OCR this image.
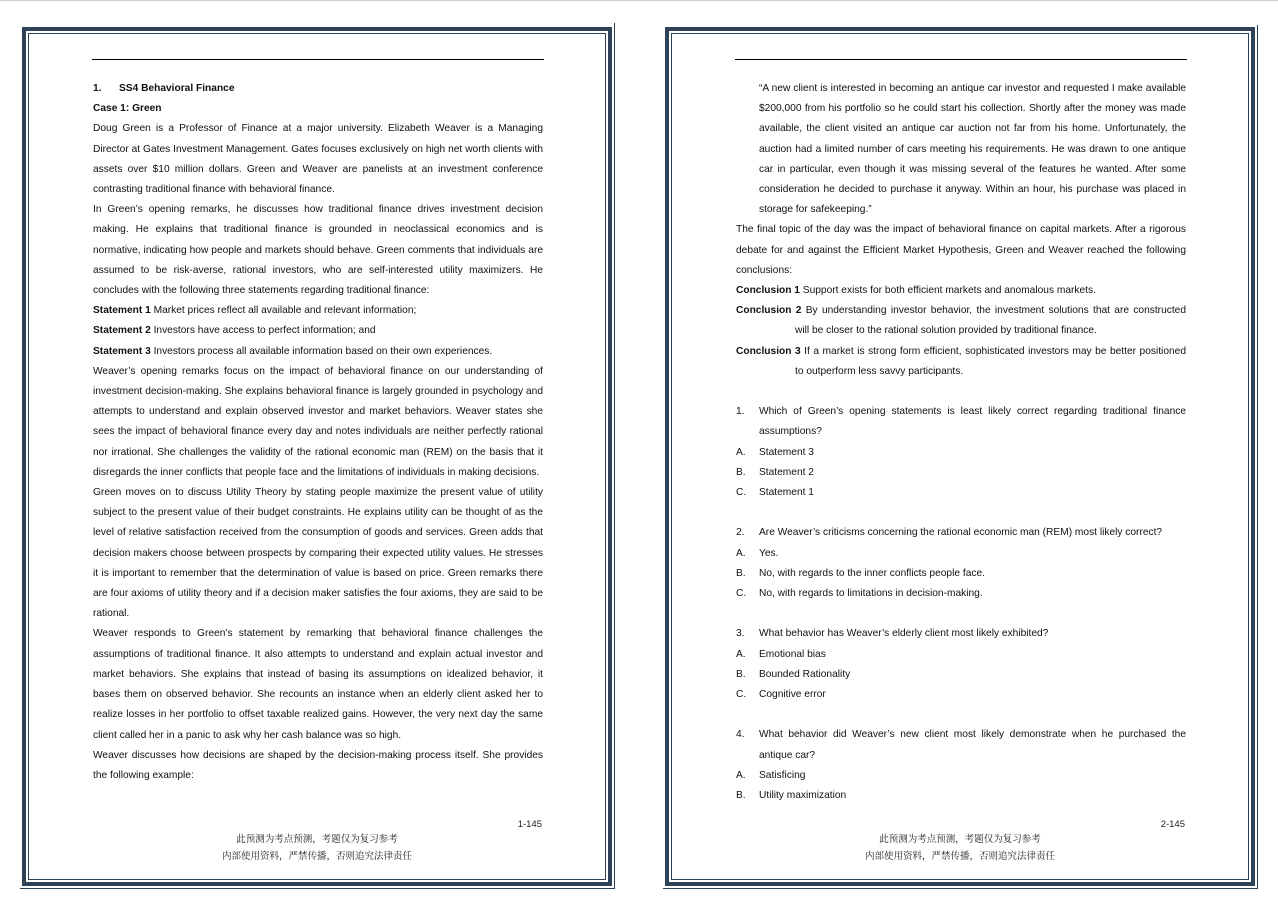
1. SS4 Behavioral Finance

Case 1: Green

Doug Green is a Professor of Finance at a major university. Elizabeth Weaver is a Managing Director at Gates Investment Management. Gates focuses exclusively on high net worth clients with assets over $10 million dollars. Green and Weaver are panelists at an investment conference contrasting traditional finance with behavioral finance.

In Green’s opening remarks, he discusses how traditional finance drives investment decision making. He explains that traditional finance is grounded in neoclassical economics and is normative, indicating how people and markets should behave. Green comments that individuals are assumed to be risk-averse, rational investors, who are self-interested utility maximizers. He concludes with the following three statements regarding traditional finance:

Statement 1 Market prices reflect all available and relevant information;

Statement 2 Investors have access to perfect information; and

Statement 3 Investors process all available information based on their own experiences.

Weaver’s opening remarks focus on the impact of behavioral finance on our understanding of investment decision-making. She explains behavioral finance is largely grounded in psychology and attempts to understand and explain observed investor and market behaviors. Weaver states she sees the impact of behavioral finance every day and notes individuals are neither perfectly rational nor irrational. She challenges the validity of the rational economic man (REM) on the basis that it disregards the inner conflicts that people face and the limitations of individuals in making decisions.

Green moves on to discuss Utility Theory by stating people maximize the present value of utility subject to the present value of their budget constraints. He explains utility can be thought of as the level of relative satisfaction received from the consumption of goods and services. Green adds that decision makers choose between prospects by comparing their expected utility values. He stresses it is important to remember that the determination of value is based on price. Green remarks there are four axioms of utility theory and if a decision maker satisfies the four axioms, they are said to be rational.

Weaver responds to Green’s statement by remarking that behavioral finance challenges the assumptions of traditional finance. It also attempts to understand and explain actual investor and market behaviors. She explains that instead of basing its assumptions on idealized behavior, it bases them on observed behavior. She recounts an instance when an elderly client asked her to realize losses in her portfolio to offset taxable realized gains. However, the very next day the same client called her in a panic to ask why her cash balance was so high.

Weaver discusses how decisions are shaped by the decision-making process itself. She provides the following example:

1-145
此预测为考点预测，考题仅为复习参考
内部使用资料，严禁传播，否则追究法律责任

“A new client is interested in becoming an antique car investor and requested I make available $200,000 from his portfolio so he could start his collection. Shortly after the money was made available, the client visited an antique car auction not far from his home. Unfortunately, the auction had a limited number of cars meeting his requirements. He was drawn to one antique car in particular, even though it was missing several of the features he wanted. After some consideration he decided to purchase it anyway. Within an hour, his purchase was placed in storage for safekeeping.”

The final topic of the day was the impact of behavioral finance on capital markets. After a rigorous debate for and against the Efficient Market Hypothesis, Green and Weaver reached the following conclusions:

Conclusion 1 Support exists for both efficient markets and anomalous markets.

Conclusion 2 By understanding investor behavior, the investment solutions that are constructed will be closer to the rational solution provided by traditional finance.

Conclusion 3 If a market is strong form efficient, sophisticated investors may be better positioned to outperform less savvy participants.

1.	Which of Green’s opening statements is least likely correct regarding traditional finance assumptions?
A.	Statement 3
B.	Statement 2
C.	Statement 1
2.	Are Weaver’s criticisms concerning the rational economic man (REM) most likely correct?
A.	Yes.
B.	No, with regards to the inner conflicts people face.
C.	No, with regards to limitations in decision-making.
3.	What behavior has Weaver’s elderly client most likely exhibited?
A.	Emotional bias
B.	Bounded Rationality
C.	Cognitive error
4.	What behavior did Weaver’s new client most likely demonstrate when he purchased the antique car?
A.	Satisficing
B.	Utility maximization
2-145
此预测为考点预测，考题仅为复习参考
内部使用资料，严禁传播，否则追究法律责任
